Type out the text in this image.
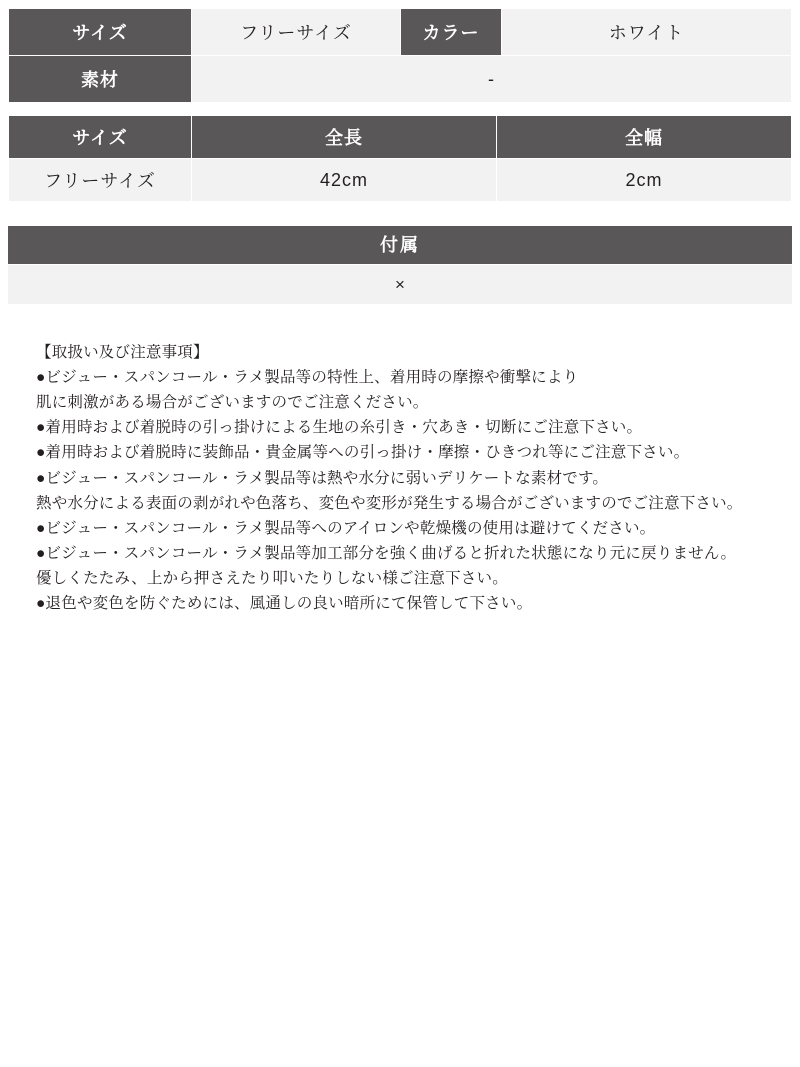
サイズ	フリーサイズ	カラー	ホワイト
素材	-		
サイズ	全長	全幅
フリーサイズ	42cm	2cm
付属
×
【取扱い及び注意事項】
●ビジュー・スパンコール・ラメ製品等の特性上、着用時の摩擦や衝撃により
肌に刺激がある場合がございますのでご注意ください。
●着用時および着脱時の引っ掛けによる生地の糸引き・穴あき・切断にご注意下さい。
●着用時および着脱時に装飾品・貴金属等への引っ掛け・摩擦・ひきつれ等にご注意下さい。
●ビジュー・スパンコール・ラメ製品等は熱や水分に弱いデリケートな素材です。
熱や水分による表面の剥がれや色落ち、変色や変形が発生する場合がございますのでご注意下さい。
●ビジュー・スパンコール・ラメ製品等へのアイロンや乾燥機の使用は避けてください。
●ビジュー・スパンコール・ラメ製品等加工部分を強く曲げると折れた状態になり元に戻りません。
優しくたたみ、上から押さえたり叩いたりしない様ご注意下さい。
●退色や変色を防ぐためには、風通しの良い暗所にて保管して下さい。
